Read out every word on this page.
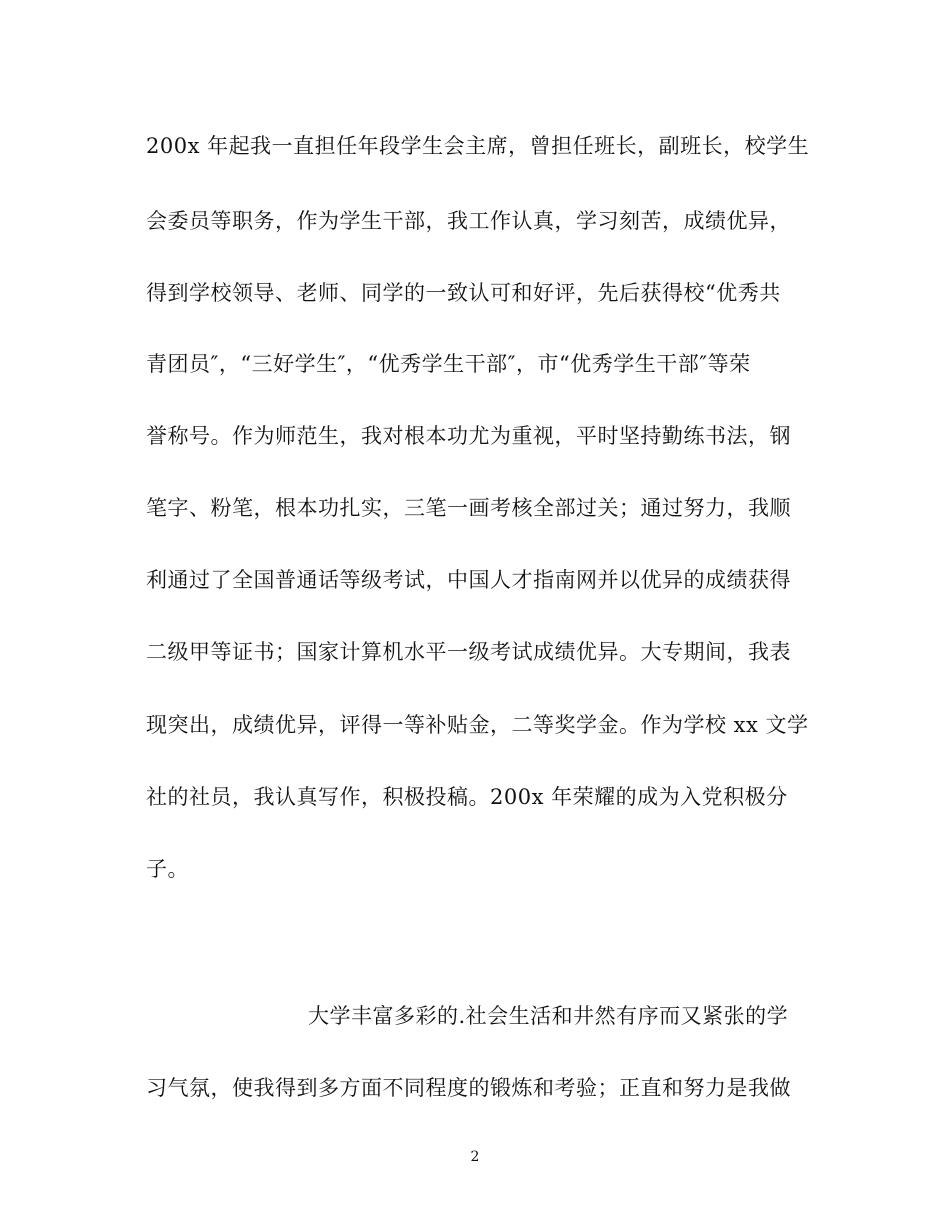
200x 年起我一直担任年段学生会主席，曾担任班长，副班长，校学生
会委员等职务，作为学生干部，我工作认真，学习刻苦，成绩优异，
得到学校领导、老师、同学的一致认可和好评，先后获得校“优秀共
青团员″，“三好学生″，“优秀学生干部″，市“优秀学生干部″等荣
誉称号。作为师范生，我对根本功尤为重视，平时坚持勤练书法，钢
笔字、粉笔，根本功扎实，三笔一画考核全部过关；通过努力，我顺
利通过了全国普通话等级考试，中国人才指南网并以优异的成绩获得
二级甲等证书；国家计算机水平一级考试成绩优异。大专期间，我表
现突出，成绩优异，评得一等补贴金，二等奖学金。作为学校 xx 文学
社的社员，我认真写作，积极投稿。200x 年荣耀的成为入党积极分
子。
大学丰富多彩的.社会生活和井然有序而又紧张的学
习气氛，使我得到多方面不同程度的锻炼和考验；正直和努力是我做
2
